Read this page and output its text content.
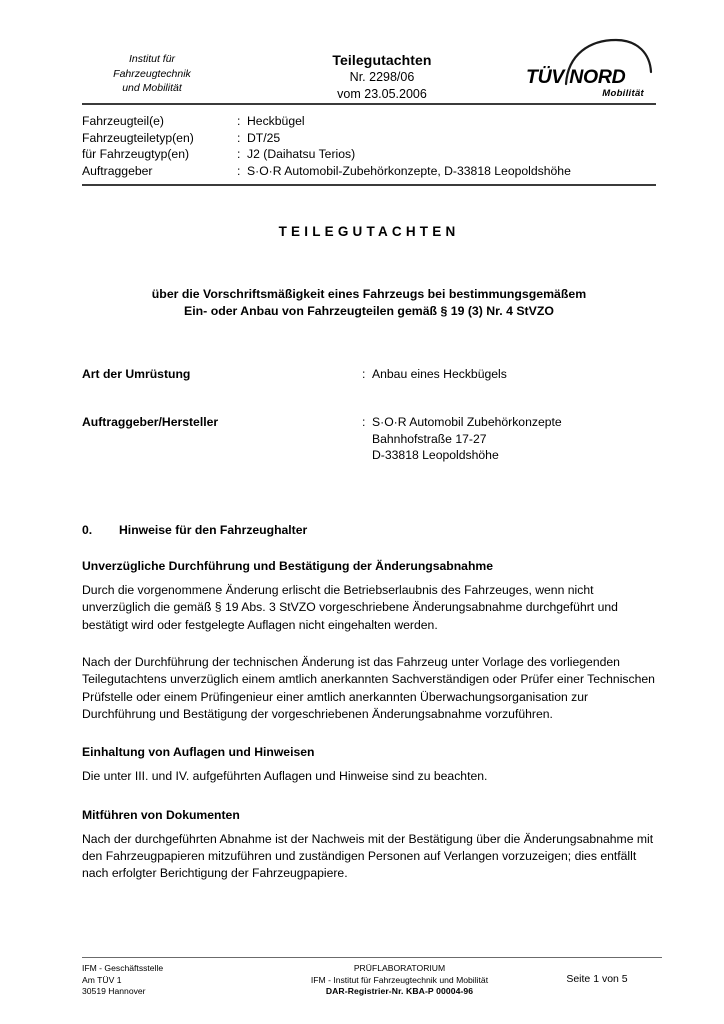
Institut für
Fahrzeugtechnik
und Mobilität
Teilegutachten
Nr. 2298/06
vom 23.05.2006
TÜV NORD
Mobilität
Fahrzeugteil(e)	: Heckbügel
Fahrzeugteiletyp(en)	: DT/25
für Fahrzeugtyp(en)	: J2 (Daihatsu Terios)
Auftraggeber	: S·O·R Automobil-Zubehörkonzepte, D-33818 Leopoldshöhe
TEILEGUTACHTEN
über die Vorschriftsmäßigkeit eines Fahrzeugs bei bestimmungsgemäßem
Ein- oder Anbau von Fahrzeugteilen gemäß § 19 (3) Nr. 4 StVZO
Art der Umrüstung	: Anbau eines Heckbügels
Auftraggeber/Hersteller	: S·O·R Automobil Zubehörkonzepte
Bahnhofstraße 17-27
D-33818 Leopoldshöhe
0.	Hinweise für den Fahrzeughalter
Unverzügliche Durchführung und Bestätigung der Änderungsabnahme
Durch die vorgenommene Änderung erlischt die Betriebserlaubnis des Fahrzeuges, wenn nicht unverzüglich die gemäß § 19 Abs. 3 StVZO vorgeschriebene Änderungsabnahme durchgeführt und bestätigt wird oder festgelegte Auflagen nicht eingehalten werden.
Nach der Durchführung der technischen Änderung ist das Fahrzeug unter Vorlage des vorliegenden Teilegutachtens unverzüglich einem amtlich anerkannten Sachverständigen oder Prüfer einer Technischen Prüfstelle oder einem Prüfingenieur einer amtlich anerkannten Überwachungsorganisation zur Durchführung und Bestätigung der vorgeschriebenen Änderungsabnahme vorzuführen.
Einhaltung von Auflagen und Hinweisen
Die unter III. und IV. aufgeführten Auflagen und Hinweise sind zu beachten.
Mitführen von Dokumenten
Nach der durchgeführten Abnahme ist der Nachweis mit der Bestätigung über die Änderungsabnahme mit den Fahrzeugpapieren mitzuführen und zuständigen Personen auf Verlangen vorzuzeigen; dies entfällt nach erfolgter Berichtigung der Fahrzeugpapiere.
IFM - Geschäftsstelle
Am TÜV 1
30519 Hannover
PRÜFLABORATORIUM
IFM - Institut für Fahrzeugtechnik und Mobilität
DAR-Registrier-Nr. KBA-P 00004-96
Seite 1 von 5
